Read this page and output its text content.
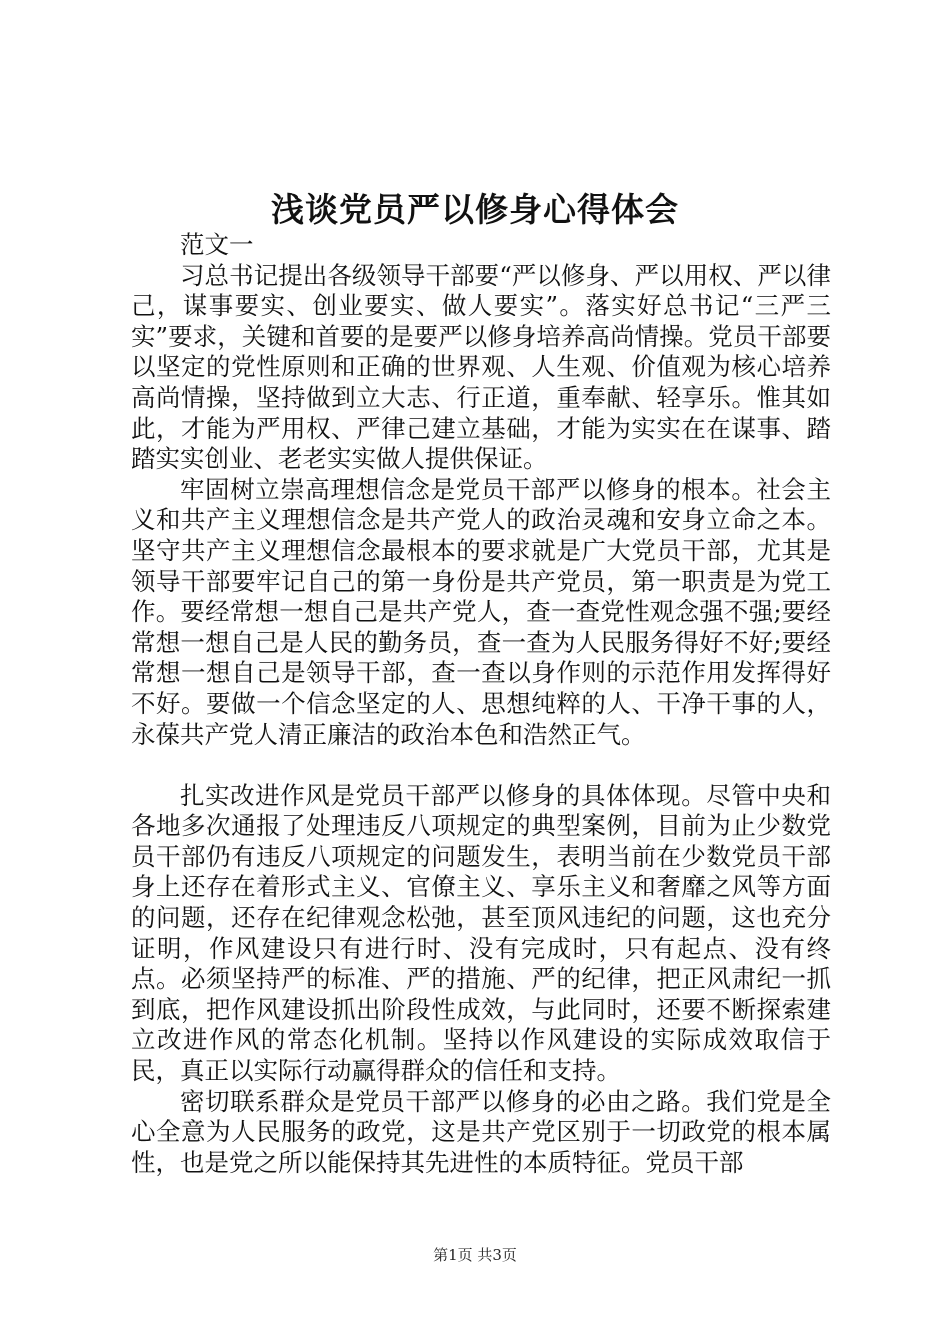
浅谈党员严以修身心得体会

范文一

习总书记提出各级领导干部要“严以修身、严以用权、严以律己，谋事要实、创业要实、做人要实”。落实好总书记“三严三实”要求，关键和首要的是要严以修身培养高尚情操。党员干部要以坚定的党性原则和正确的世界观、人生观、价值观为核心培养高尚情操，坚持做到立大志、行正道，重奉献、轻享乐。惟其如此，才能为严用权、严律己建立基础，才能为实实在在谋事、踏踏实实创业、老老实实做人提供保证。

牢固树立崇高理想信念是党员干部严以修身的根本。社会主义和共产主义理想信念是共产党人的政治灵魂和安身立命之本。坚守共产主义理想信念最根本的要求就是广大党员干部，尤其是领导干部要牢记自己的第一身份是共产党员，第一职责是为党工作。要经常想一想自己是共产党人，查一查党性观念强不强;要经常想一想自己是人民的勤务员，查一查为人民服务得好不好;要经常想一想自己是领导干部，查一查以身作则的示范作用发挥得好不好。要做一个信念坚定的人、思想纯粹的人、干净干事的人，永葆共产党人清正廉洁的政治本色和浩然正气。

扎实改进作风是党员干部严以修身的具体体现。尽管中央和各地多次通报了处理违反八项规定的典型案例，目前为止少数党员干部仍有违反八项规定的问题发生，表明当前在少数党员干部身上还存在着形式主义、官僚主义、享乐主义和奢靡之风等方面的问题，还存在纪律观念松弛，甚至顶风违纪的问题，这也充分证明，作风建设只有进行时、没有完成时，只有起点、没有终点。必须坚持严的标准、严的措施、严的纪律，把正风肃纪一抓到底，把作风建设抓出阶段性成效，与此同时，还要不断探索建立改进作风的常态化机制。坚持以作风建设的实际成效取信于民，真正以实际行动赢得群众的信任和支持。

密切联系群众是党员干部严以修身的必由之路。我们党是全心全意为人民服务的政党，这是共产党区别于一切政党的根本属性，也是党之所以能保持其先进性的本质特征。党员干部

第1页 共3页
